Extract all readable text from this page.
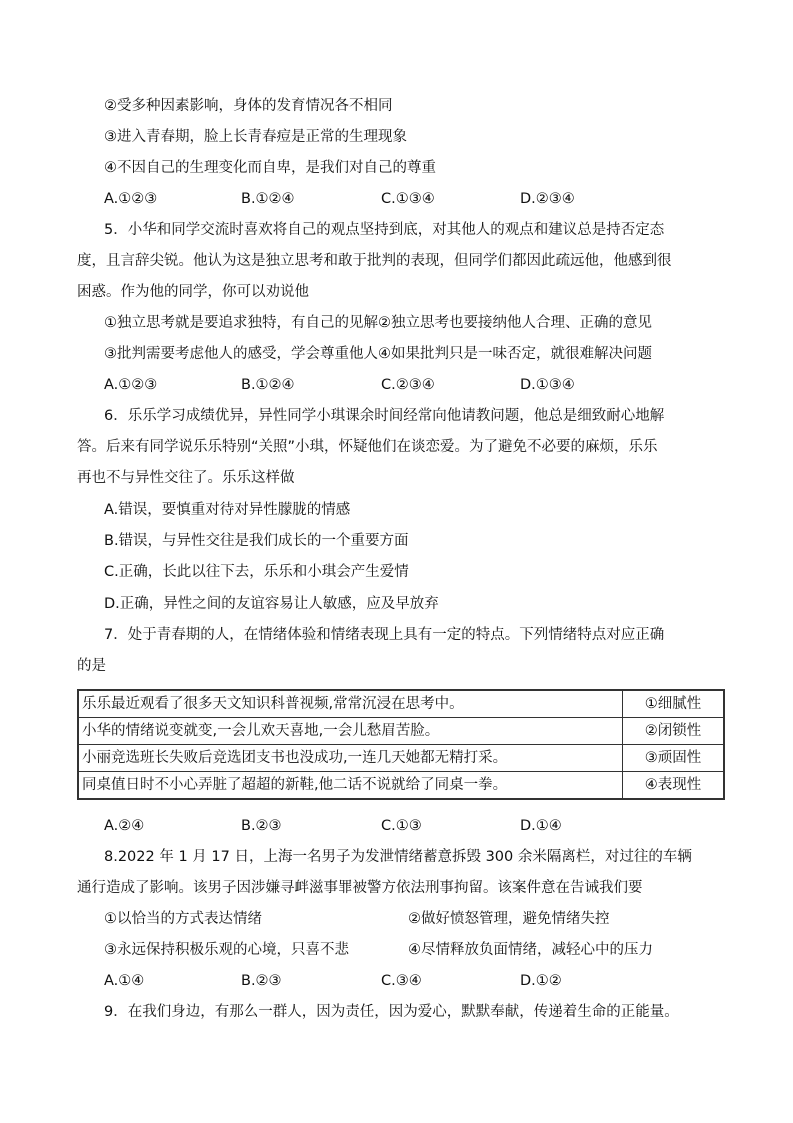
②受多种因素影响，身体的发育情况各不相同
③进入青春期，脸上长青春痘是正常的生理现象
④不因自己的生理变化而自卑，是我们对自己的尊重
A.①②③	B.①②④	C.①③④	D.②③④
5．小华和同学交流时喜欢将自己的观点坚持到底，对其他人的观点和建议总是持否定态
度，且言辞尖锐。他认为这是独立思考和敢于批判的表现，但同学们都因此疏远他，他感到很
困惑。作为他的同学，你可以劝说他
①独立思考就是要追求独特，有自己的见解②独立思考也要接纳他人合理、正确的意见
③批判需要考虑他人的感受，学会尊重他人④如果批判只是一味否定，就很难解决问题
A.①②③	B.①②④	C.②③④	D.①③④
6．乐乐学习成绩优异，异性同学小琪课余时间经常向他请教问题，他总是细致耐心地解
答。后来有同学说乐乐特别“关照”小琪，怀疑他们在谈恋爱。为了避免不必要的麻烦，乐乐
再也不与异性交往了。乐乐这样做
A.错误，要慎重对待对异性朦胧的情感
B.错误，与异性交往是我们成长的一个重要方面
C.正确，长此以往下去，乐乐和小琪会产生爱情
D.正确，异性之间的友谊容易让人敏感，应及早放弃
7．处于青春期的人，在情绪体验和情绪表现上具有一定的特点。下列情绪特点对应正确
的是
乐乐最近观看了很多天文知识科普视频,常常沉浸在思考中。	①细腻性
小华的情绪说变就变,一会儿欢天喜地,一会儿愁眉苦脸。	②闭锁性
小丽竞选班长失败后竞选团支书也没成功,一连几天她都无精打采。	③顽固性
同桌值日时不小心弄脏了超超的新鞋,他二话不说就给了同桌一拳。	④表现性
A.②④	B.②③	C.①③	D.①④
8.2022 年 1 月 17 日，上海一名男子为发泄情绪蓄意拆毁 300 余米隔离栏，对过往的车辆
通行造成了影响。该男子因涉嫌寻衅滋事罪被警方依法刑事拘留。该案件意在告诫我们要
①以恰当的方式表达情绪	②做好愤怒管理，避免情绪失控
③永远保持积极乐观的心境，只喜不悲	④尽情释放负面情绪，减轻心中的压力
A.①④	B.②③	C.③④	D.①②
9．在我们身边，有那么一群人，因为责任，因为爱心，默默奉献，传递着生命的正能量。
